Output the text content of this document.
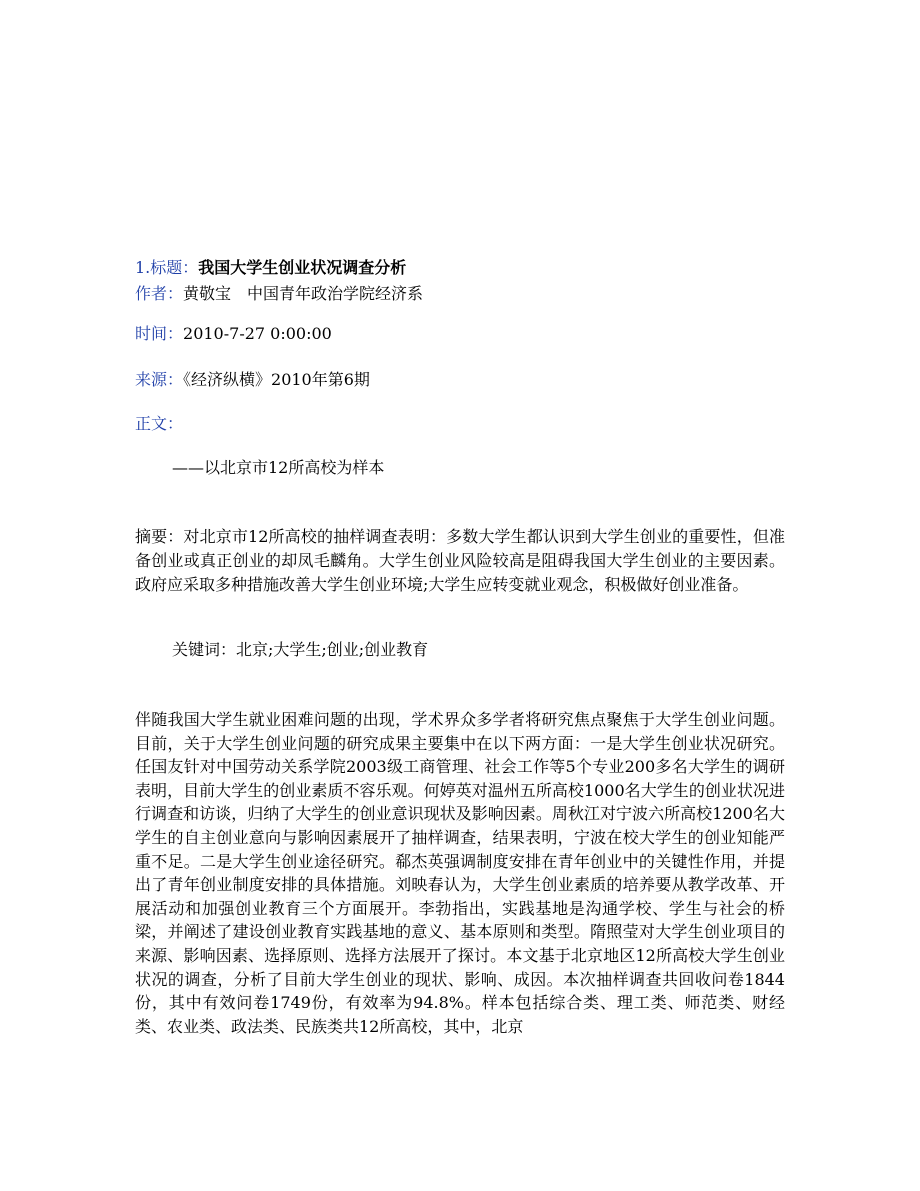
1.标题：我国大学生创业状况调查分析
作者：黄敬宝　中国青年政治学院经济系
时间：2010-7-27 0:00:00
来源：《经济纵横》2010年第6期
正文：
——以北京市12所高校为样本
摘要：对北京市12所高校的抽样调查表明：多数大学生都认识到大学生创业的重要性，但准备创业或真正创业的却凤毛麟角。大学生创业风险较高是阻碍我国大学生创业的主要因素。政府应采取多种措施改善大学生创业环境;大学生应转变就业观念，积极做好创业准备。
关键词：北京;大学生;创业;创业教育
伴随我国大学生就业困难问题的出现，学术界众多学者将研究焦点聚焦于大学生创业问题。目前，关于大学生创业问题的研究成果主要集中在以下两方面：一是大学生创业状况研究。任国友针对中国劳动关系学院2003级工商管理、社会工作等5个专业200多名大学生的调研表明，目前大学生的创业素质不容乐观。何婷英对温州五所高校1000名大学生的创业状况进行调查和访谈，归纳了大学生的创业意识现状及影响因素。周秋江对宁波六所高校1200名大学生的自主创业意向与影响因素展开了抽样调查，结果表明，宁波在校大学生的创业知能严重不足。二是大学生创业途径研究。郗杰英强调制度安排在青年创业中的关键性作用，并提出了青年创业制度安排的具体措施。刘映春认为，大学生创业素质的培养要从教学改革、开展活动和加强创业教育三个方面展开。李勃指出，实践基地是沟通学校、学生与社会的桥梁，并阐述了建设创业教育实践基地的意义、基本原则和类型。隋照莹对大学生创业项目的来源、影响因素、选择原则、选择方法展开了探讨。本文基于北京地区12所高校大学生创业状况的调查，分析了目前大学生创业的现状、影响、成因。本次抽样调查共回收问卷1844份，其中有效问卷1749份，有效率为94.8%。样本包括综合类、理工类、师范类、财经类、农业类、政法类、民族类共12所高校，其中，北京
